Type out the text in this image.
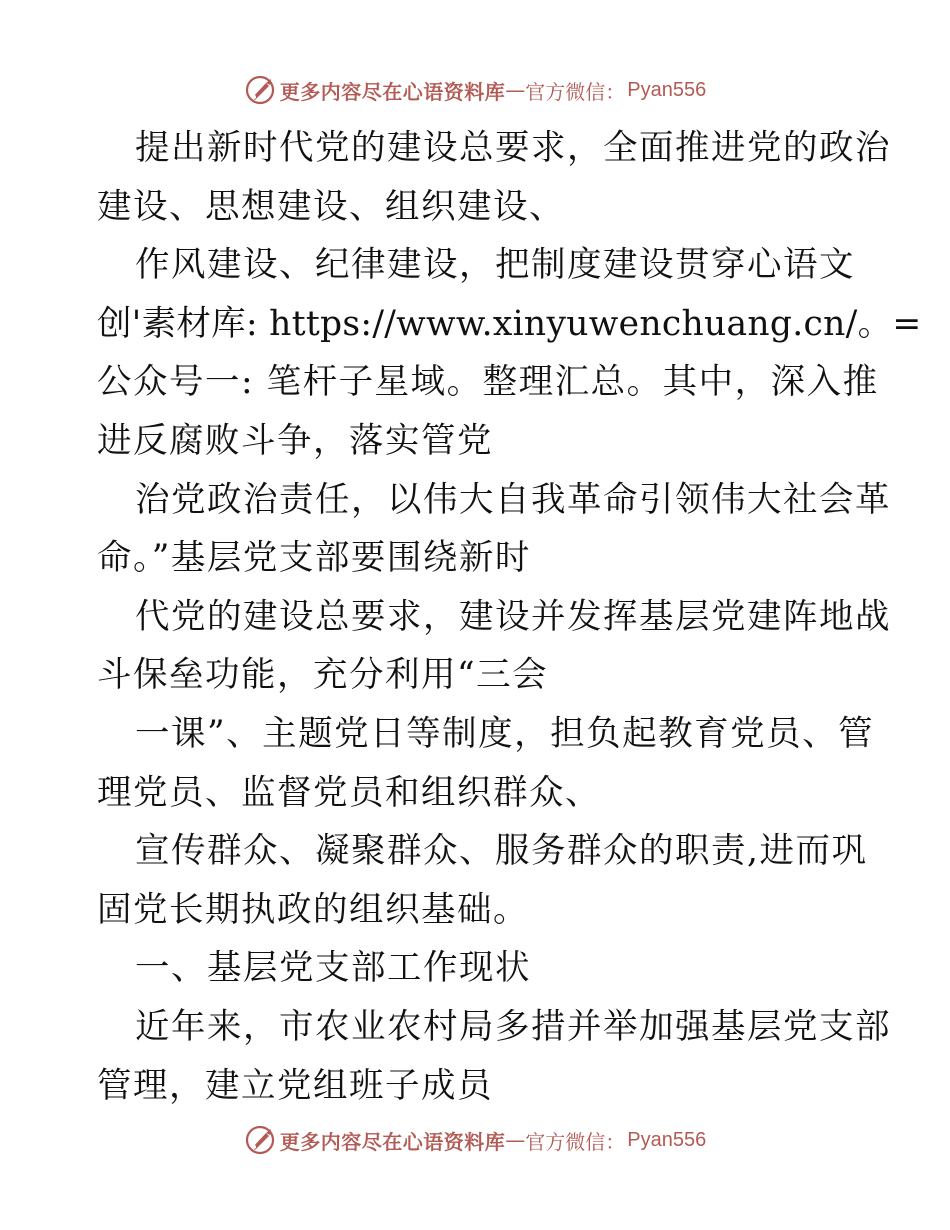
更多内容尽在心语资料库 — 官方微信： Pyan556
提出新时代党的建设总要求，全面推进党的政治
建设、思想建设、组织建设、
作风建设、纪律建设，把制度建设贯穿心语文
创'素材库: https://www.xinyuwenchuang.cn/。=
公众号一: 笔杆子星域。整理汇总。其中，深入推
进反腐败斗争，落实管党
治党政治责任，以伟大自我革命引领伟大社会革
命。”基层党支部要围绕新时
代党的建设总要求，建设并发挥基层党建阵地战
斗保垒功能，充分利用“三会
一课”、主题党日等制度，担负起教育党员、管
理党员、监督党员和组织群众、
宣传群众、凝聚群众、服务群众的职责,进而巩
固党长期执政的组织基础。
一、基层党支部工作现状
近年来，市农业农村局多措并举加强基层党支部
管理，建立党组班子成员
更多内容尽在心语资料库 — 官方微信： Pyan556
